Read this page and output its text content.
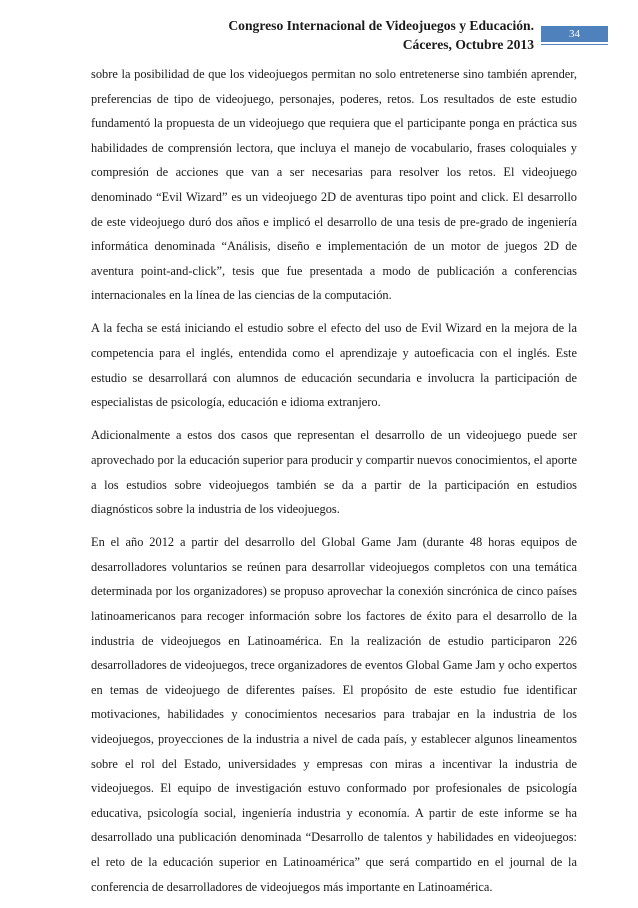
Congreso Internacional de Videojuegos y Educación.
Cáceres, Octubre 2013
34

sobre la posibilidad de que los videojuegos permitan no solo entretenerse sino también aprender, preferencias de tipo de videojuego, personajes, poderes, retos. Los resultados de este estudio fundamentó la propuesta de un videojuego que requiera que el participante ponga en práctica sus habilidades de comprensión lectora, que incluya el manejo de vocabulario, frases coloquiales y compresión de acciones que van a ser necesarias para resolver los retos. El videojuego denominado “Evil Wizard” es un videojuego 2D de aventuras tipo point and click. El desarrollo de este videojuego duró dos años e implicó el desarrollo de una tesis de pre-grado de ingeniería informática denominada “Análisis, diseño e implementación de un motor de juegos 2D de aventura point-and-click”, tesis que fue presentada a modo de publicación a conferencias internacionales en la línea de las ciencias de la computación.

A la fecha se está iniciando el estudio sobre el efecto del uso de Evil Wizard en la mejora de la competencia para el inglés, entendida como el aprendizaje y autoeficacia con el inglés. Este estudio se desarrollará con alumnos de educación secundaria e involucra la participación de especialistas de psicología, educación e idioma extranjero.

Adicionalmente a estos dos casos que representan el desarrollo de un videojuego puede ser aprovechado por la educación superior para producir y compartir nuevos conocimientos, el aporte a los estudios sobre videojuegos también se da a partir de la participación en estudios diagnósticos sobre la industria de los videojuegos.

En el año 2012 a partir del desarrollo del Global Game Jam (durante 48 horas equipos de desarrolladores voluntarios se reúnen para desarrollar videojuegos completos con una temática determinada por los organizadores) se propuso aprovechar la conexión sincrónica de cinco países latinoamericanos para recoger información sobre los factores de éxito para el desarrollo de la industria de videojuegos en Latinoamérica. En la realización de estudio participaron 226 desarrolladores de videojuegos, trece organizadores de eventos Global Game Jam y ocho expertos en temas de videojuego de diferentes países. El propósito de este estudio fue identificar motivaciones, habilidades y conocimientos necesarios para trabajar en la industria de los videojuegos, proyecciones de la industria a nivel de cada país, y establecer algunos lineamentos sobre el rol del Estado, universidades y empresas con miras a incentivar la industria de videojuegos. El equipo de investigación estuvo conformado por profesionales de psicología educativa, psicología social, ingeniería industria y economía. A partir de este informe se ha desarrollado una publicación denominada “Desarrollo de talentos y habilidades en videojuegos: el reto de la educación superior en Latinoamérica” que será compartido en el journal de la conferencia de desarrolladores de videojuegos más importante en Latinoamérica.
